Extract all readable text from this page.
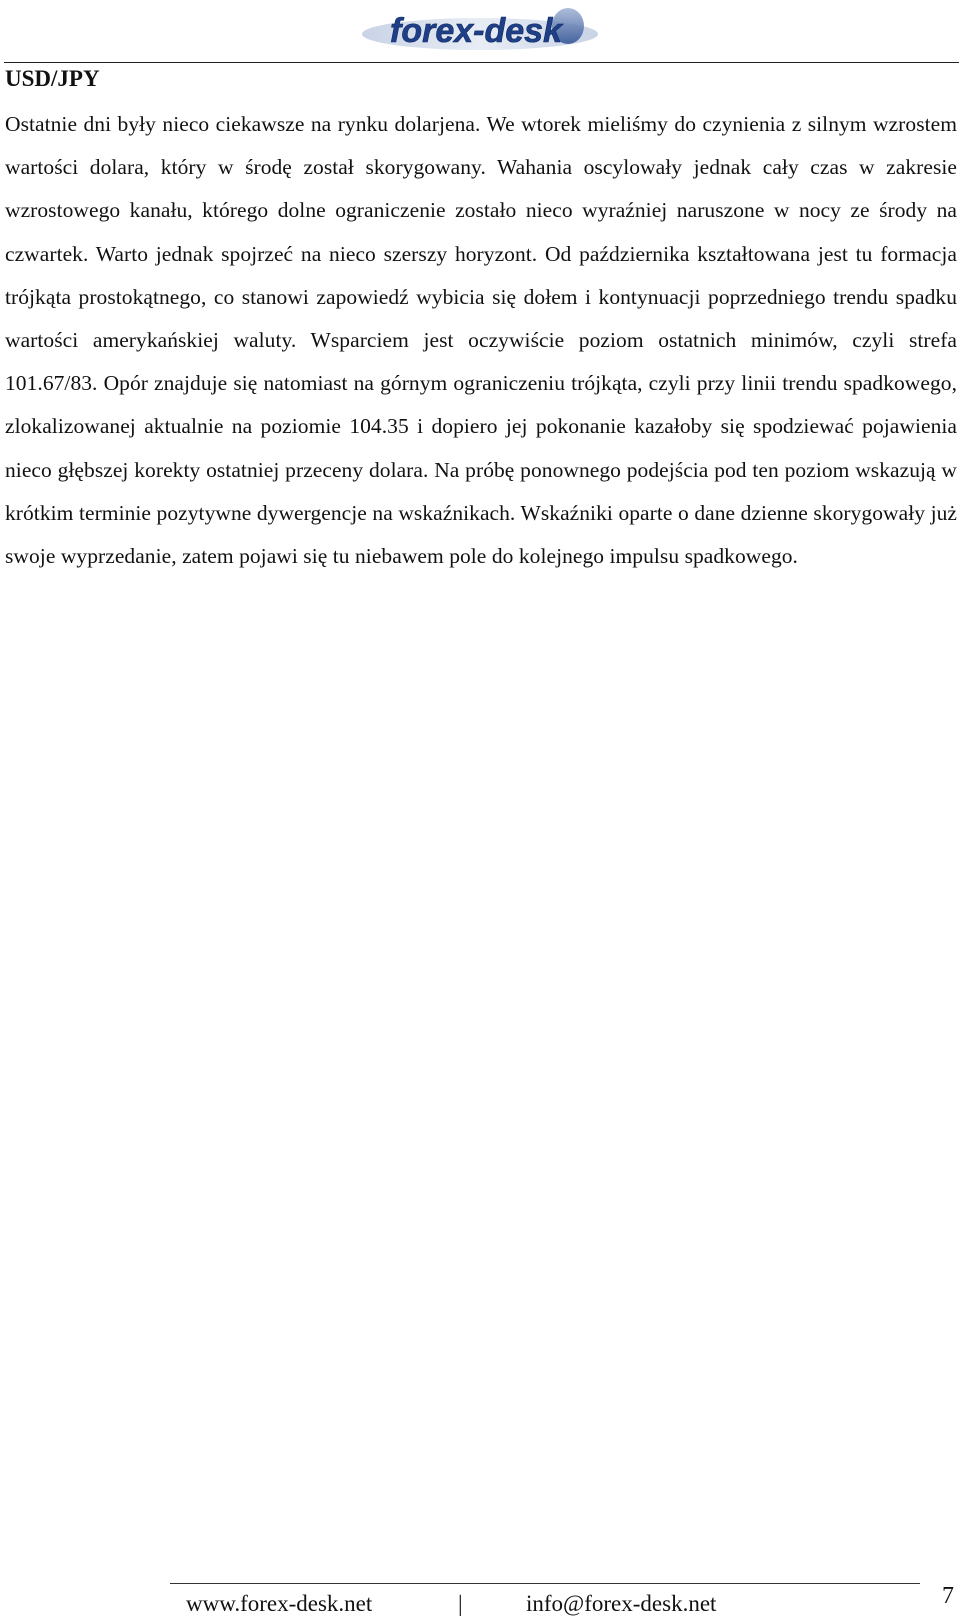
forex-desk
USD/JPY

Ostatnie dni były nieco ciekawsze na rynku dolarjena. We wtorek mieliśmy do czynienia z silnym wzrostem wartości dolara, który w środę został skorygowany. Wahania oscylowały jednak cały czas w zakresie wzrostowego kanału, którego dolne ograniczenie zostało nieco wyraźniej naruszone w nocy ze środy na czwartek. Warto jednak spojrzeć na nieco szerszy horyzont. Od października kształtowana jest tu formacja trójkąta prostokątnego, co stanowi zapowiedź wybicia się dołem i kontynuacji poprzedniego trendu spadku wartości amerykańskiej waluty. Wsparciem jest oczywiście poziom ostatnich minimów, czyli strefa 101.67/83. Opór znajduje się natomiast na górnym ograniczeniu trójkąta, czyli przy linii trendu spadkowego, zlokalizowanej aktualnie na poziomie 104.35 i dopiero jej pokonanie kazałoby się spodziewać pojawienia nieco głębszej korekty ostatniej przeceny dolara. Na próbę ponownego podejścia pod ten poziom wskazują w krótkim terminie pozytywne dywergencje na wskaźnikach. Wskaźniki oparte o dane dzienne skorygowały już swoje wyprzedanie, zatem pojawi się tu niebawem pole do kolejnego impulsu spadkowego.

www.forex-desk.net	|	info@forex-desk.net	7
